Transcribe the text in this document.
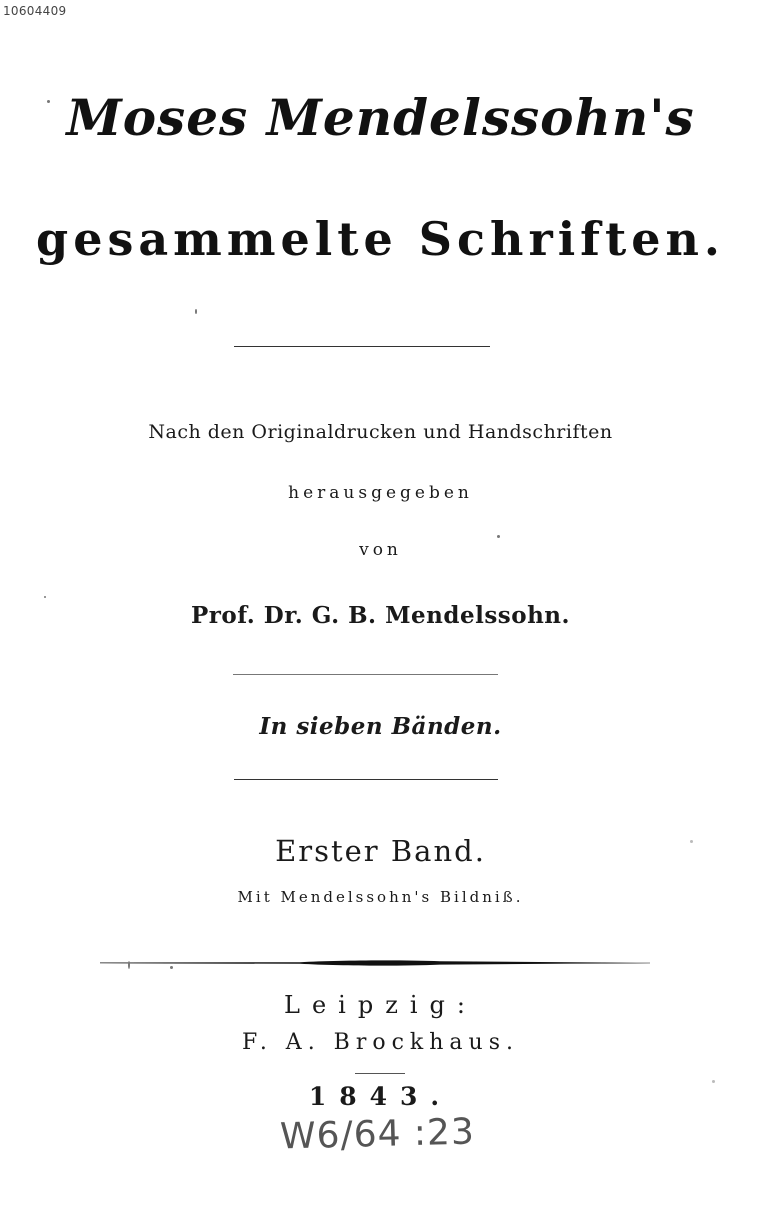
10604409
Moses Mendelssohn's
gesammelte Schriften.
Nach den Originaldrucken und Handschriften
herausgegeben
von
Prof. Dr. G. B. Mendelssohn.
In sieben Bänden.
Erster Band.
Mit Mendelssohn's Bildniß.
Leipzig:
F. A. Brockhaus.
1843.
W6/64 :23
